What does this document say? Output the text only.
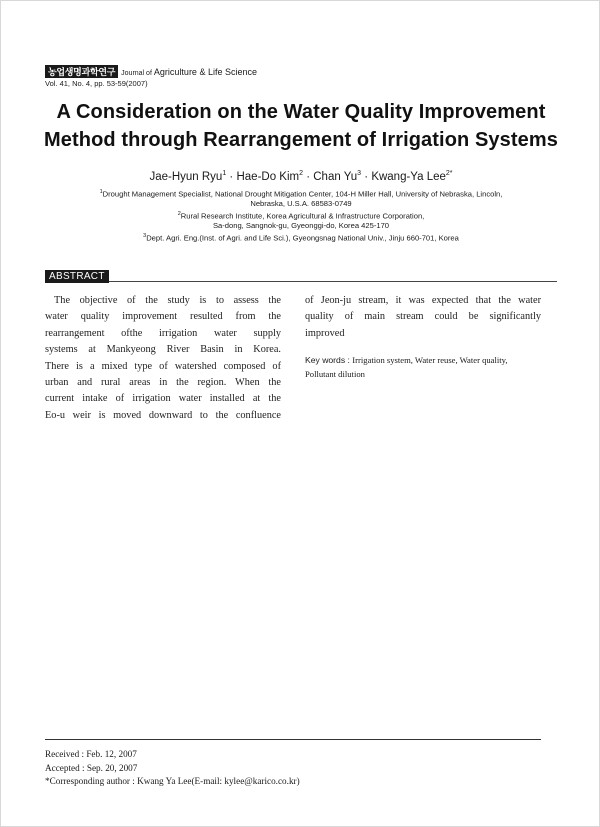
농업생명과학연구 Journal of Agriculture & Life Science
Vol. 41, No. 4, pp. 53-59(2007)
A Consideration on the Water Quality Improvement
Method through Rearrangement of Irrigation Systems
Jae-Hyun Ryu$^1$ · Hae-Do Kim$^2$ · Chan $Yu^3$ · Kwang-Ya Lee$^{2*}$
$^1$Drought Management Specialist, National Drought Mitigation Center, 104-H Miller Hall, University of Nebraska, Lincoln,
Nebraska, U.S.A. 68583-0749
$^2$Rural Research Institute, Korea Agricultural & Infrastructure Corporation,
Sa-dong, Sangnok-gu, Gyeonggi-do, Korea 425-170
$^3$Dept. Agri. Eng.(Inst. of Agri. and Life Sci.), Gyeongsnag National Univ., Jinju 660-701, Korea
ABSTRACT
The objective of the study is to assess the
water quality improvement resulted from the
rearrangement ofthe irrigation water supply
systems at Mankyeong River Basin in Korea.
There is a mixed type of watershed composed of
urban and rural areas in the region. When the
current intake of irrigation water installed at the
Eo-u weir is moved downward to the confluence
of Jeon-ju stream, it was expected that the water
quality of main stream could be significantly
improved
Key words : Irrigation system, Water reuse, Water quality,
Pollutant dilution
Received : Feb. 12, 2007
Accepted : Sep. 20, 2007
*Corresponding author : Kwang Ya Lee(E-mail: kylee@karico.co.kr)
